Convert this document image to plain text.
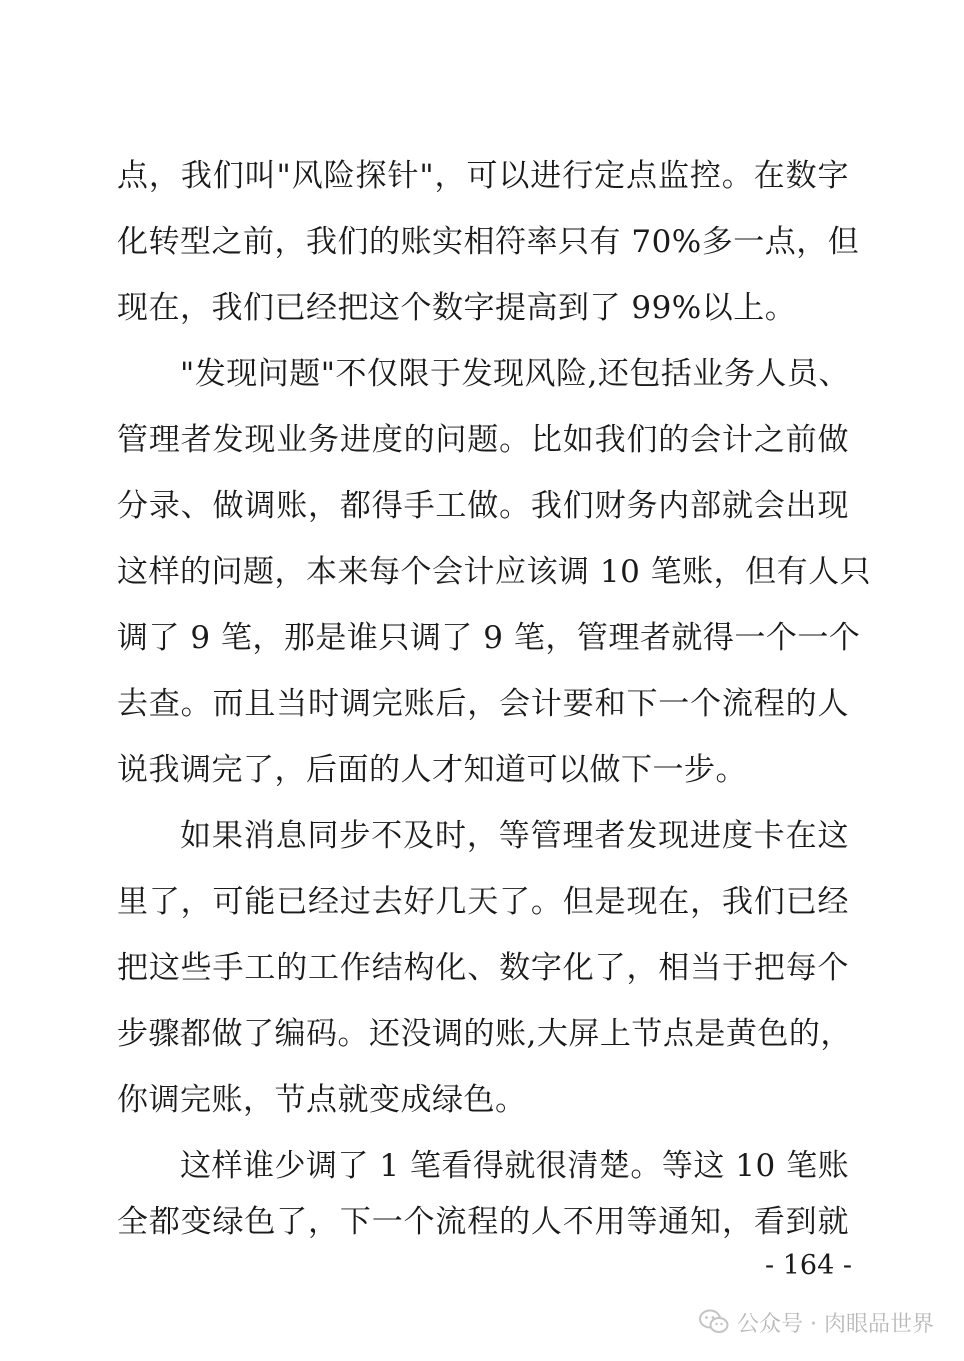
点，我们叫"风险探针"，可以进行定点监控。在数字
化转型之前，我们的账实相符率只有 70%多一点，但
现在，我们已经把这个数字提高到了 99%以上。
"发现问题"不仅限于发现风险,还包括业务人员、
管理者发现业务进度的问题。比如我们的会计之前做
分录、做调账，都得手工做。我们财务内部就会出现
这样的问题，本来每个会计应该调 10 笔账，但有人只
调了 9 笔，那是谁只调了 9 笔，管理者就得一个一个
去查。而且当时调完账后，会计要和下一个流程的人
说我调完了，后面的人才知道可以做下一步。
如果消息同步不及时，等管理者发现进度卡在这
里了，可能已经过去好几天了。但是现在，我们已经
把这些手工的工作结构化、数字化了，相当于把每个
步骤都做了编码。还没调的账,大屏上节点是黄色的，
你调完账，节点就变成绿色。
这样谁少调了 1 笔看得就很清楚。等这 10 笔账
全都变绿色了，下一个流程的人不用等通知，看到就
- 164 -
公众号 · 肉眼品世界
